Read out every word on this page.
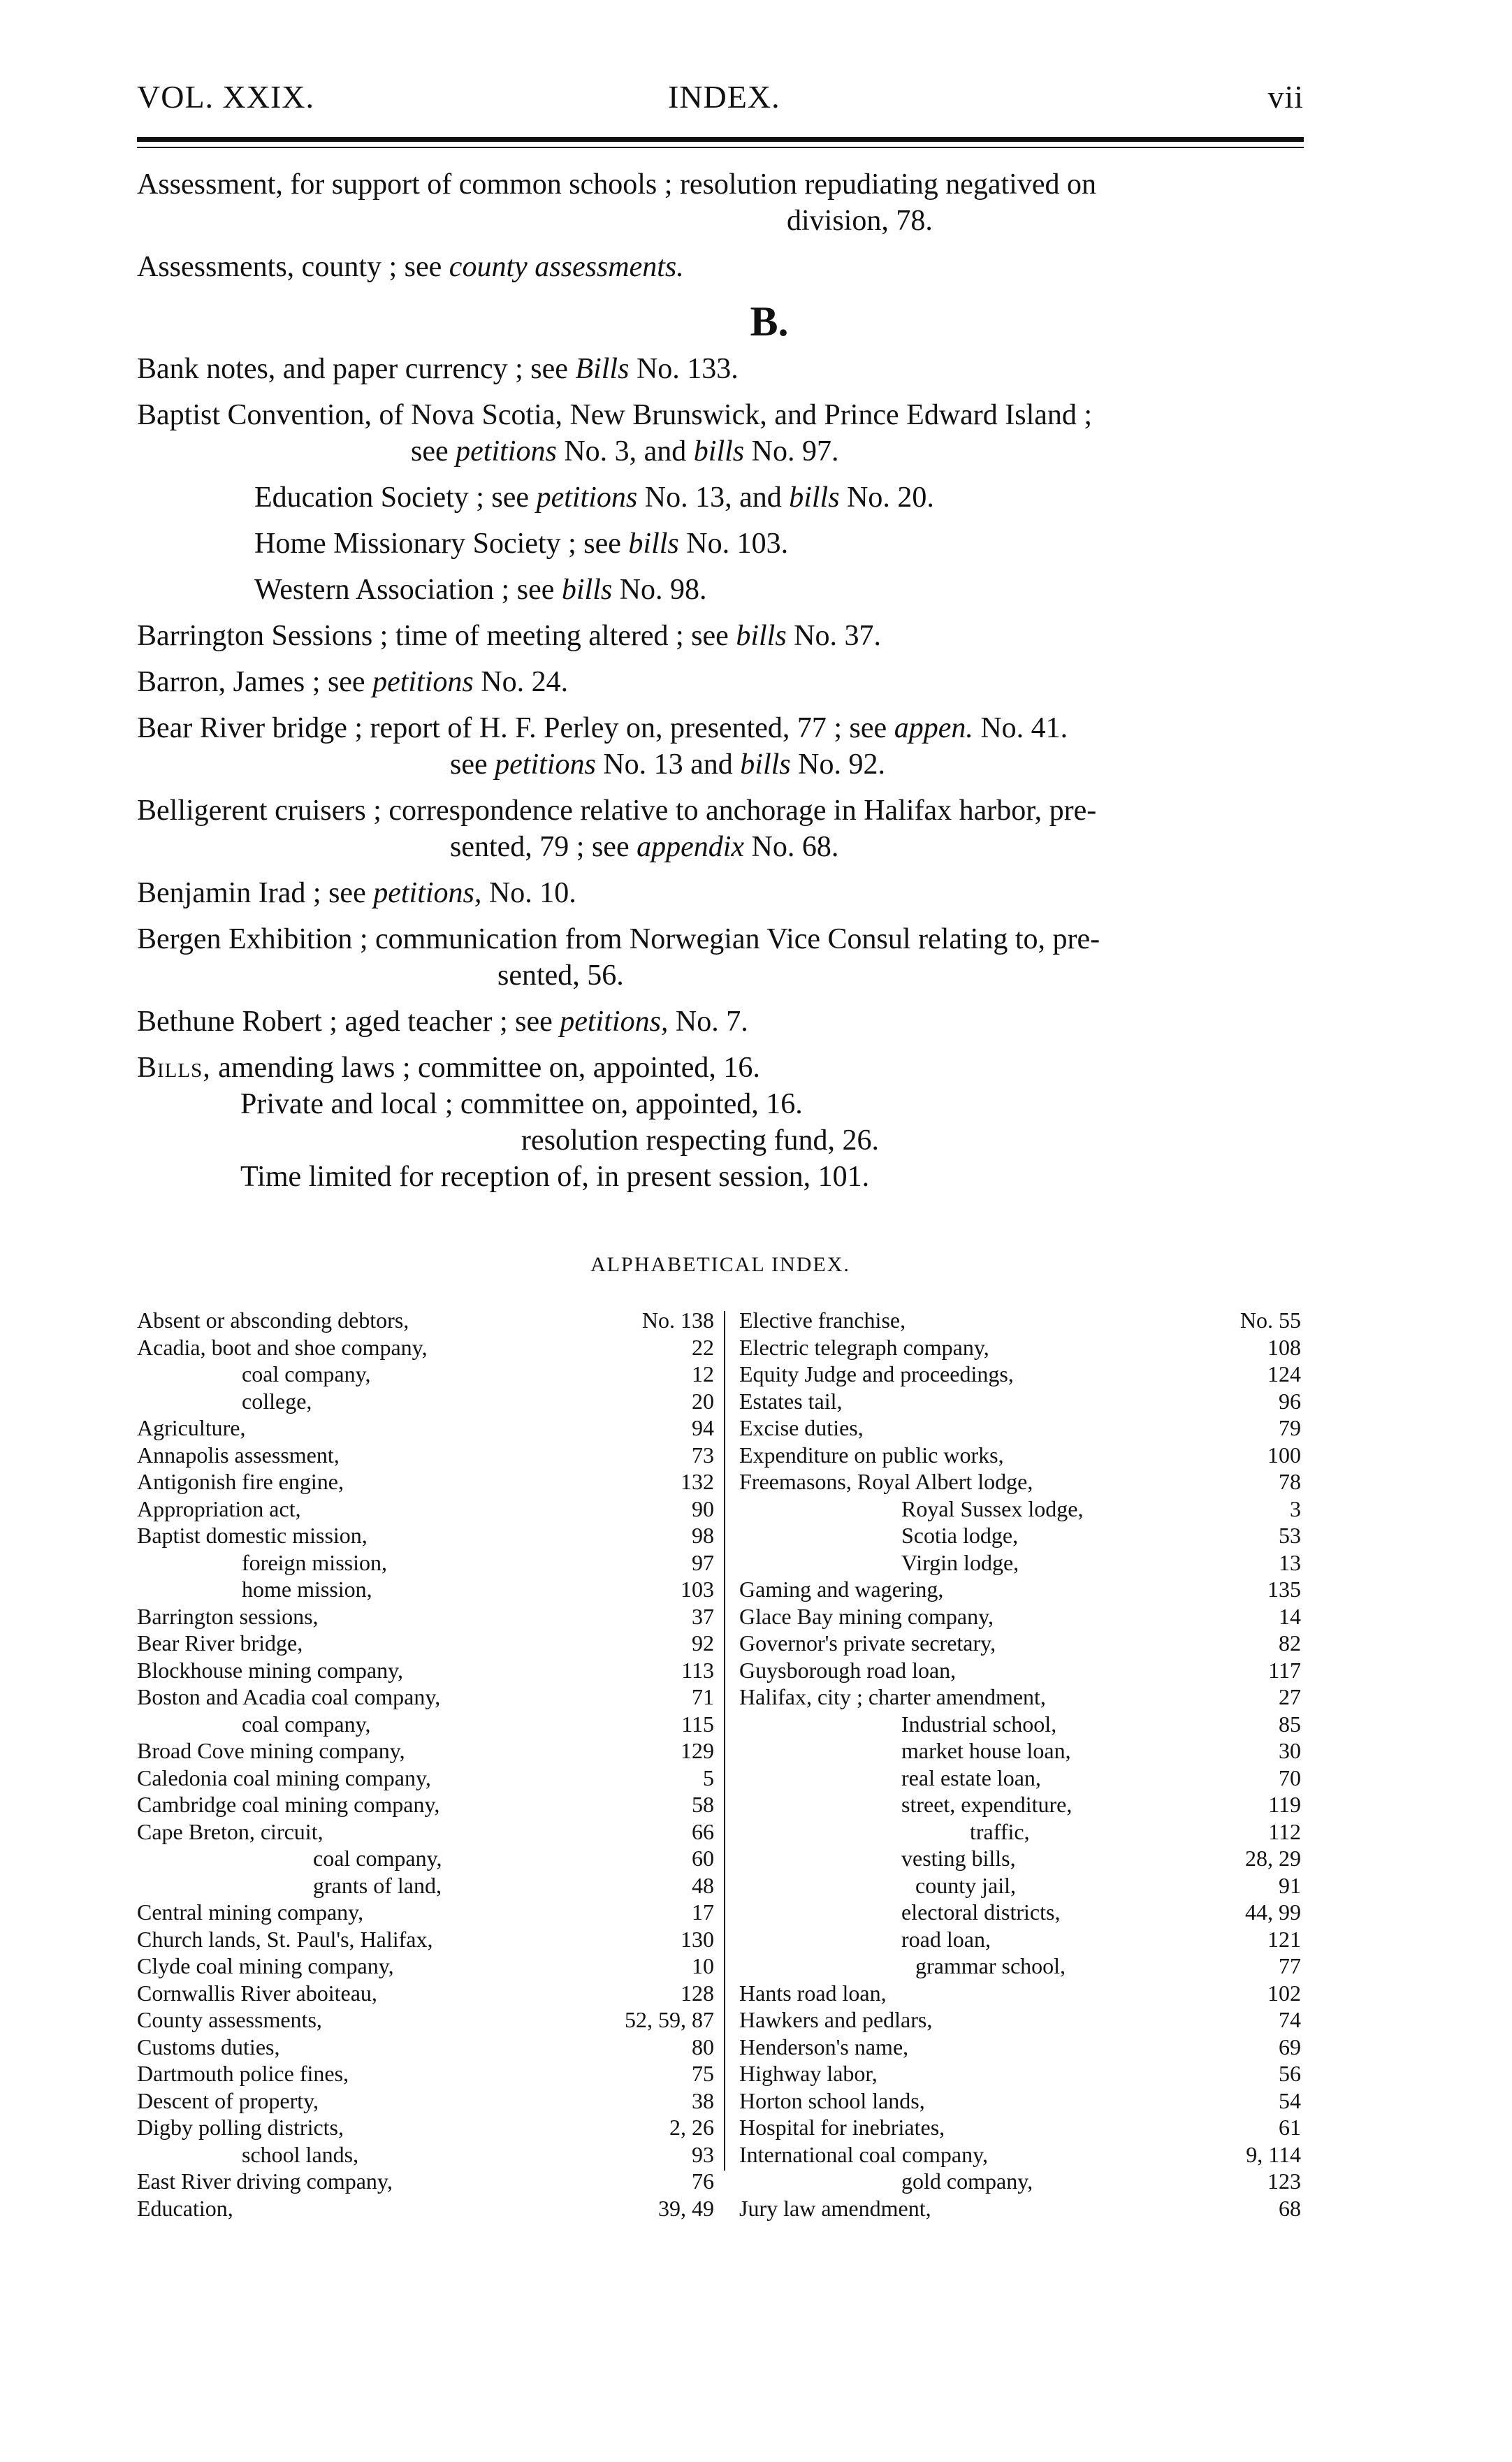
VOL. XXIX.	INDEX.	vii
Assessment, for support of common schools ; resolution repudiating negatived on
division, 78.
Assessments, county ; see county assessments.
B.
Bank notes, and paper currency ; see Bills No. 133.
Baptist Convention, of Nova Scotia, New Brunswick, and Prince Edward Island ;
see petitions No. 3, and bills No. 97.
Education Society ; see petitions No. 13, and bills No. 20.
Home Missionary Society ; see bills No. 103.
Western Association ; see bills No. 98.
Barrington Sessions ; time of meeting altered ; see bills No. 37.
Barron, James ; see petitions No. 24.
Bear River bridge ; report of H. F. Perley on, presented, 77 ; see appen. No. 41.
see petitions No. 13 and bills No. 92.
Belligerent cruisers ; correspondence relative to anchorage in Halifax harbor, pre-
sented, 79 ; see appendix No. 68.
Benjamin Irad ; see petitions, No. 10.
Bergen Exhibition ; communication from Norwegian Vice Consul relating to, pre-
sented, 56.
Bethune Robert ; aged teacher ; see petitions, No. 7.
Bills, amending laws ; committee on, appointed, 16.
Private and local ; committee on, appointed, 16.
resolution respecting fund, 26.
Time limited for reception of, in present session, 101.
ALPHABETICAL INDEX.
Absent or absconding debtors,	No. 138
Acadia, boot and shoe company,	22
coal company,	12
college,	20
Agriculture,	94
Annapolis assessment,	73
Antigonish fire engine,	132
Appropriation act,	90
Baptist domestic mission,	98
foreign mission,	97
home mission,	103
Barrington sessions,	37
Bear River bridge,	92
Blockhouse mining company,	113
Boston and Acadia coal company,	71
coal company,	115
Broad Cove mining company,	129
Caledonia coal mining company,	5
Cambridge coal mining company,	58
Cape Breton, circuit,	66
coal company,	60
grants of land,	48
Central mining company,	17
Church lands, St. Paul's, Halifax,	130
Clyde coal mining company,	10
Cornwallis River aboiteau,	128
County assessments,	52, 59, 87
Customs duties,	80
Dartmouth police fines,	75
Descent of property,	38
Digby polling districts,	2, 26
school lands,	93
East River driving company,	76
Education,	39, 49
Elective franchise,	No. 55
Electric telegraph company,	108
Equity Judge and proceedings,	124
Estates tail,	96
Excise duties,	79
Expenditure on public works,	100
Freemasons, Royal Albert lodge,	78
Royal Sussex lodge,	3
Scotia lodge,	53
Virgin lodge,	13
Gaming and wagering,	135
Glace Bay mining company,	14
Governor's private secretary,	82
Guysborough road loan,	117
Halifax, city ; charter amendment,	27
Industrial school,	85
market house loan,	30
real estate loan,	70
street, expenditure,	119
traffic,	112
vesting bills,	28, 29
county jail,	91
electoral districts,	44, 99
road loan,	121
grammar school,	77
Hants road loan,	102
Hawkers and pedlars,	74
Henderson's name,	69
Highway labor,	56
Horton school lands,	54
Hospital for inebriates,	61
International coal company,	9, 114
gold company,	123
Jury law amendment,	68
